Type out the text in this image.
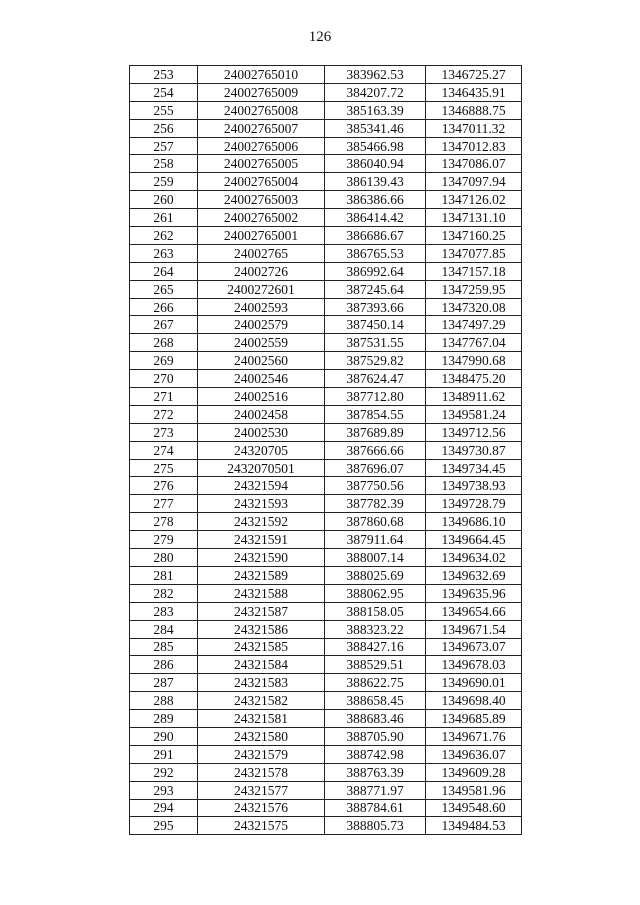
126
253	24002765010	383962.53	1346725.27
254	24002765009	384207.72	1346435.91
255	24002765008	385163.39	1346888.75
256	24002765007	385341.46	1347011.32
257	24002765006	385466.98	1347012.83
258	24002765005	386040.94	1347086.07
259	24002765004	386139.43	1347097.94
260	24002765003	386386.66	1347126.02
261	24002765002	386414.42	1347131.10
262	24002765001	386686.67	1347160.25
263	24002765	386765.53	1347077.85
264	24002726	386992.64	1347157.18
265	2400272601	387245.64	1347259.95
266	24002593	387393.66	1347320.08
267	24002579	387450.14	1347497.29
268	24002559	387531.55	1347767.04
269	24002560	387529.82	1347990.68
270	24002546	387624.47	1348475.20
271	24002516	387712.80	1348911.62
272	24002458	387854.55	1349581.24
273	24002530	387689.89	1349712.56
274	24320705	387666.66	1349730.87
275	2432070501	387696.07	1349734.45
276	24321594	387750.56	1349738.93
277	24321593	387782.39	1349728.79
278	24321592	387860.68	1349686.10
279	24321591	387911.64	1349664.45
280	24321590	388007.14	1349634.02
281	24321589	388025.69	1349632.69
282	24321588	388062.95	1349635.96
283	24321587	388158.05	1349654.66
284	24321586	388323.22	1349671.54
285	24321585	388427.16	1349673.07
286	24321584	388529.51	1349678.03
287	24321583	388622.75	1349690.01
288	24321582	388658.45	1349698.40
289	24321581	388683.46	1349685.89
290	24321580	388705.90	1349671.76
291	24321579	388742.98	1349636.07
292	24321578	388763.39	1349609.28
293	24321577	388771.97	1349581.96
294	24321576	388784.61	1349548.60
295	24321575	388805.73	1349484.53
